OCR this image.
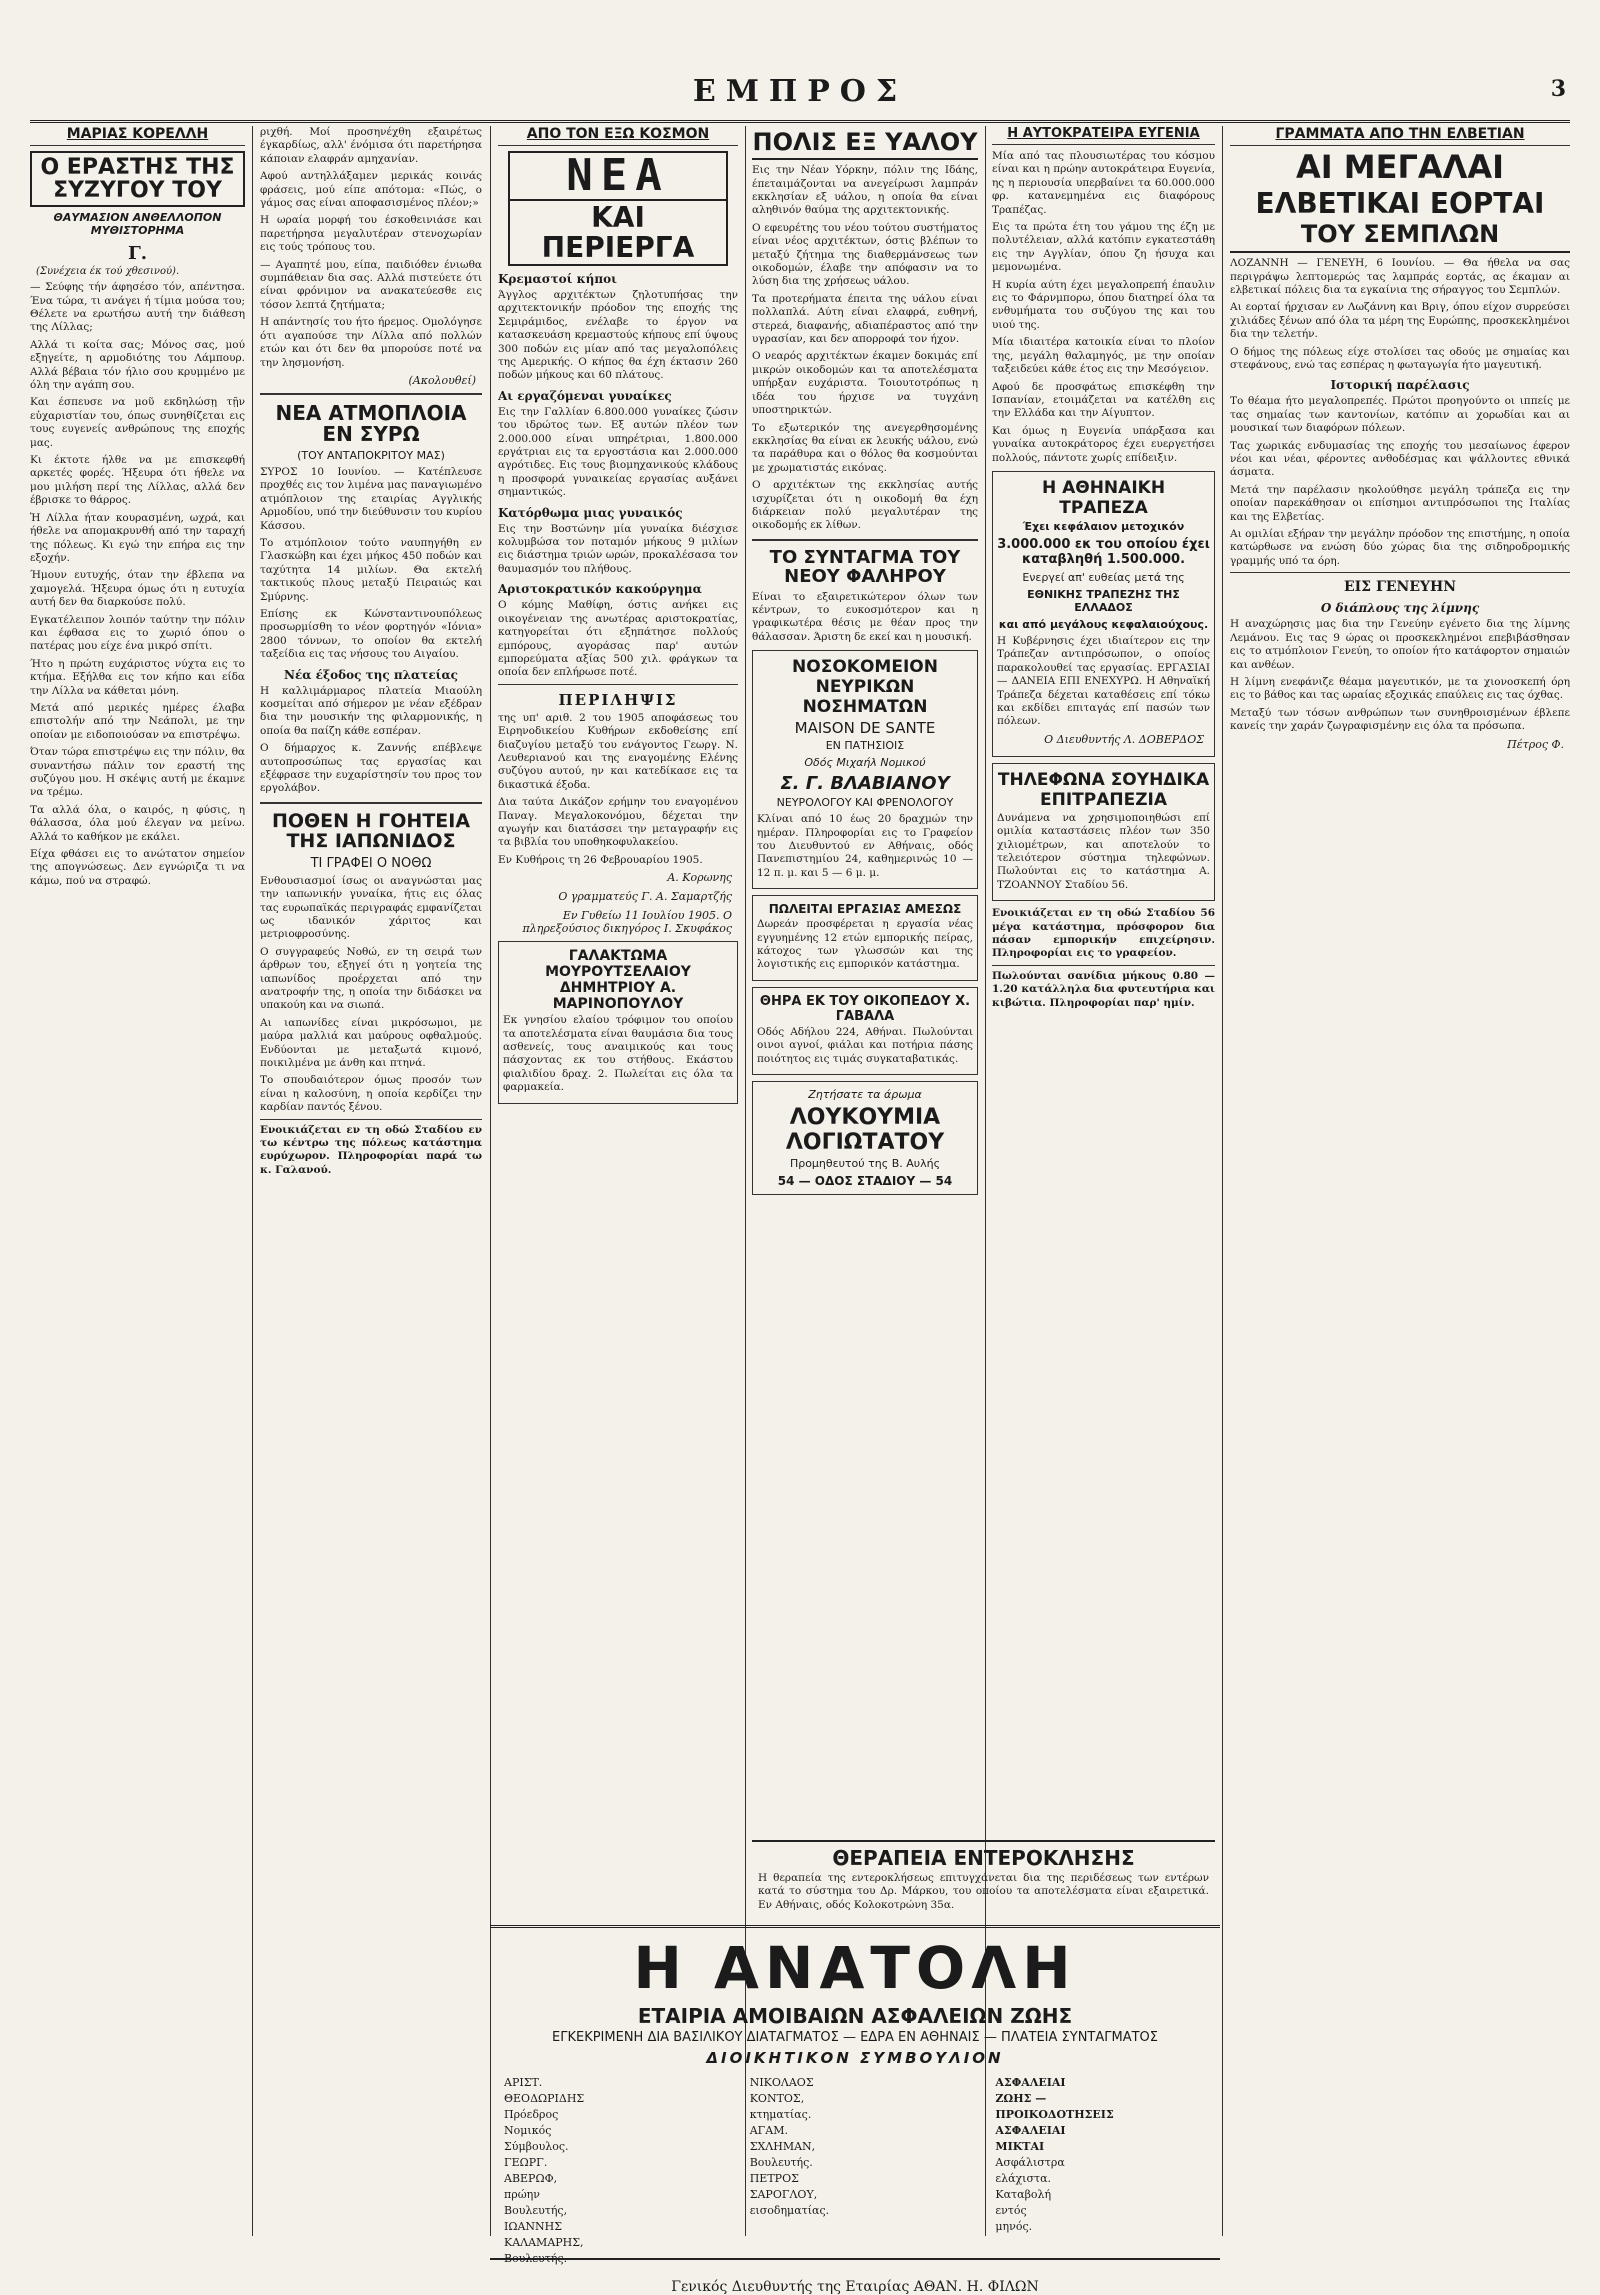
ΕΜΠΡΟΣ	3
ΜΑΡΙΑΣ ΚΟΡΕΛΛΗ
Ο ΕΡΑΣΤΗΣ ΤΗΣ ΣΥΖΥΓΟΥ ΤΟΥ
ΘΑΥΜΑΣΙΟΝ ΑΝΘΕΛΛΟΠΟΝ ΜΥΘΙΣΤΟΡΗΜΑ
Γ.
(Συνέχεια έκ τού χθεσινού).

— Σεύφης τήν άφησέσο τόν, απέντησα. Ένα τώρα, τι ανάγει ή τίμια μούσα του; Θέλετε να ερωτήσω αυτή την διάθεση της Λίλλας;

Αλλά τι κοίτα σας; Μόνος σας, μού εξηγείτε, η αρμοδιότης του Λάμπουρ. Αλλά βέβαια τόν ήλιο σου κρυμμένο με όλη την αγάπη σου.

Και έσπευσε να μοῦ εκδηλώσῃ τῇν εὐχαριστίαν του, όπως συνηθίζεται εις τους ευγενείς ανθρώπους της εποχής μας.

Κι έκτοτε ήλθε να με επισκεφθή αρκετές φορές. Ήξευρα ότι ήθελε να μου μιλήση περί της Λίλλας, αλλά δεν έβρισκε το θάρρος.

Ἡ Λίλλα ήταν κουρασμένη, ωχρά, και ήθελε να απομακρυνθή από την ταραχή της πόλεως. Κι εγώ την επήρα εις την εξοχήν.

Ήμουν ευτυχής, όταν την έβλεπα να χαμογελά. Ήξευρα όμως ότι η ευτυχία αυτή δεν θα διαρκούσε πολύ.

Εγκατέλειπον λοιπόν ταύτην την πόλιν και έφθασα εις το χωριό όπου ο πατέρας μου είχε ένα μικρό σπίτι.

Ήτο η πρώτη ευχάριστος νύχτα εις το κτήμα. Εξήλθα εις τον κήπο και είδα την Λίλλα να κάθεται μόνη.

Μετά από μερικές ημέρες έλαβα επιστολήν από την Νεάπολι, με την οποίαν με ειδοποιούσαν να επιστρέψω.

Όταν τώρα επιστρέψω εις την πόλιν, θα συναντήσω πάλιν τον εραστή της συζύγου μου. Η σκέψις αυτή με έκαμνε να τρέμω.

Τα αλλά όλα, ο καιρός, η φύσις, η θάλασσα, όλα μού έλεγαν να μείνω. Αλλά το καθήκον με εκάλει.

Είχα φθάσει εις το ανώτατον σημείον της απογνώσεως. Δεν εγνώριζα τι να κάμω, πού να στραφώ.

ριχθή. Μοί προσηνέχθη εξαιρέτως έγκαρδίως, αλλ' ένόμισα ότι παρετήρησα κάποιαν ελαφράν αμηχανίαν.

Αφού αντηλλάξαμεν μερικάς κοινάς φράσεις, μού είπε απότομα: «Πώς, ο γάμος σας είναι αποφασισμένος πλέον;»

Η ωραία μορφή του έσκοθεινιάσε και παρετήρησα μεγαλυτέραν στενοχωρίαν εις τούς τρόπους του.

— Αγαπητέ μου, είπα, παιδιόθεν ένιωθα συμπάθειαν δια σας. Αλλά πιστεύετε ότι είναι φρόνιμον να ανακατεύεσθε εις τόσον λεπτά ζητήματα;

Η απάντησίς του ήτο ήρεμος. Ομολόγησε ότι αγαπούσε την Λίλλα από πολλών ετών και ότι δεν θα μπορούσε ποτέ να την λησμονήση.

(Ακολουθεί)
ΝΕΑ ΑΤΜΟΠΛΟΙΑ ΕΝ ΣΥΡΩ
(ΤΟΥ ΑΝΤΑΠΟΚΡΙΤΟΥ ΜΑΣ)

ΣΥΡΟΣ 10 Ιουνίου. — Κατέπλευσε προχθές εις τον λιμένα μας παναγιωμένο ατμόπλοιον της εταιρίας Αγγλικής Αρμοδίου, υπό την διεύθυνσιν του κυρίου Κάσσου.

Το ατμόπλοιον τούτο ναυπηγήθη εν Γλασκώβη και έχει μήκος 450 ποδών και ταχύτητα 14 μιλίων. Θα εκτελή τακτικούς πλους μεταξύ Πειραιώς και Σμύρνης.

Επίσης εκ Κώνσταντινουπόλεως προσωρμίσθη το νέον φορτηγόν «Ιόνια» 2800 τόννων, το οποίον θα εκτελή ταξείδια εις τας νήσους του Αιγαίου.

Νέα έξοδος της πλατείας

Η καλλιμάρμαρος πλατεία Μιαούλη κοσμείται από σήμερον με νέαν εξέδραν δια την μουσικήν της φιλαρμονικής, η οποία θα παίζη κάθε εσπέραν.

Ο δήμαρχος κ. Ζαννής επέβλεψε αυτοπροσώπως τας εργασίας και εξέφρασε την ευχαρίστησίν του προς τον εργολάβον.

ΠΟΘΕΝ Η ΓΟΗΤΕΙΑ ΤΗΣ ΙΑΠΩΝΙΔΟΣ
ΤΙ ΓΡΑΦΕΙ Ο ΝΟΘΩ

Ενθουσιασμοί ίσως οι αναγνώσται μας την ιαπωνικήν γυναίκα, ήτις εις όλας τας ευρωπαϊκάς περιγραφάς εμφανίζεται ως ιδανικόν χάριτος και μετριοφροσύνης.

Ο συγγραφεύς Νοθώ, εν τη σειρά των άρθρων του, εξηγεί ότι η γοητεία της ιαπωνίδος προέρχεται από την ανατροφήν της, η οποία την διδάσκει να υπακούη και να σιωπά.

Αι ιαπωνίδες είναι μικρόσωμοι, με μαύρα μαλλιά και μαύρους οφθαλμούς. Ενδύονται με μεταξωτά κιμονό, ποικιλμένα με άνθη και πτηνά.

Το σπουδαιότερον όμως προσόν των είναι η καλοσύνη, η οποία κερδίζει την καρδίαν παντός ξένου.

Ενοικιάζεται εν τη οδώ Σταδίου εν τω κέντρω της πόλεως κατάστημα ευρύχωρον. Πληροφορίαι παρά τω κ. Γαλανού.

ΑΠΟ ΤΟΝ ΕΞΩ ΚΟΣΜΟΝ
ΝΕΑ
ΚΑΙ ΠΕΡΙΕΡΓΑ
Κρεμαστοί κήποι

Άγγλος αρχιτέκτων ζηλοτυπήσας την αρχιτεκτονικήν πρόοδον της εποχής της Σεμιράμιδος, ενέλαβε το έργον να κατασκευάση κρεμαστούς κήπους επί ύψους 300 ποδών εις μίαν από τας μεγαλοπόλεις της Αμερικής. Ο κήπος θα έχη έκτασιν 260 ποδών μήκους και 60 πλάτους.

Αι εργαζόμεναι γυναίκες

Εις την Γαλλίαν 6.800.000 γυναίκες ζώσιν του ιδρώτος των. Εξ αυτών πλέον των 2.000.000 είναι υπηρέτριαι, 1.800.000 εργάτριαι εις τα εργοστάσια και 2.000.000 αγρότιδες. Εις τους βιομηχανικούς κλάδους η προσφορά γυναικείας εργασίας αυξάνει σημαντικώς.

Κατόρθωμα μιας γυναικός

Εις την Βοστώνην μία γυναίκα διέσχισε κολυμβώσα τον ποταμόν μήκους 9 μιλίων εις διάστημα τριών ωρών, προκαλέσασα τον θαυμασμόν του πλήθους.

Αριστοκρατικόν κακούργημα

Ο κόμης Μαθίφη, όστις ανήκει εις οικογένειαν της ανωτέρας αριστοκρατίας, κατηγορείται ότι εξηπάτησε πολλούς εμπόρους, αγοράσας παρ' αυτών εμπορεύματα αξίας 500 χιλ. φράγκων τα οποία δεν επλήρωσε ποτέ.

ΠΕΡΙΛΗΨΙΣ

της υπ' αριθ. 2 του 1905 αποφάσεως του Ειρηνοδικείου Κυθήρων εκδοθείσης επί διαζυγίου μεταξύ του ενάγοντος Γεωργ. Ν. Λευθεριανού και της εναγομένης Ελένης συζύγου αυτού, ην και κατεδίκασε εις τα δικαστικά έξοδα.

Δια ταύτα Δικάζον ερήμην του εναγομένου Παναγ. Μεγαλοκονόμου, δέχεται την αγωγήν και διατάσσει την μεταγραφήν εις τα βιβλία του υποθηκοφυλακείου.

Εν Κυθήροις τη 26 Φεβρουαρίου 1905.

Α. Κορωνης
Ο γραμματεύς Γ. Α. Σαμαρτζής
Εν Γυθείω 11 Ιουλίου 1905. Ο πληρεξούσιος δικηγόρος Ι. Σκυφάκος
ΓΑΛΑΚΤΩΜΑ ΜΟΥΡΟΥΤΣΕΛΑΙΟΥ ΔΗΜΗΤΡΙΟΥ Α. ΜΑΡΙΝΟΠΟΥΛΟΥ

Εκ γνησίου ελαίου τρόφιμον του οποίου τα αποτελέσματα είναι θαυμάσια δια τους ασθενείς, τους αναιμικούς και τους πάσχοντας εκ του στήθους. Εκάστου φιαλιδίου δραχ. 2. Πωλείται εις όλα τα φαρμακεία.

ΠΟΛΙΣ ΕΞ ΥΑΛΟΥ

Εις την Νέαν Υόρκην, πόλιν της Ιδάης, έπεταιμάζονται να ανεγείρωσι λαμπράν εκκλησίαν εξ υάλου, η οποία θα είναι αληθινόν θαύμα της αρχιτεκτονικής.

Ο εφευρέτης του νέου τούτου συστήματος είναι νέος αρχιτέκτων, όστις βλέπων το μεταξύ ζήτημα της διαθερμάνσεως των οικοδομών, έλαβε την απόφασιν να το λύση δια της χρήσεως υάλου.

Τα προτερήματα έπειτα της υάλου είναι πολλαπλά. Αύτη είναι ελαφρά, ευθηνή, στερεά, διαφανής, αδιαπέραστος από την υγρασίαν, και δεν απορροφά τον ήχον.

Ο νεαρός αρχιτέκτων έκαμεν δοκιμάς επί μικρών οικοδομών και τα αποτελέσματα υπήρξαν ευχάριστα. Τοιουτοτρόπως η ιδέα του ήρχισε να τυγχάνη υποστηρικτών.

Το εξωτερικόν της ανεγερθησομένης εκκλησίας θα είναι εκ λευκής υάλου, ενώ τα παράθυρα και ο θόλος θα κοσμούνται με χρωματιστάς εικόνας.

Ο αρχιτέκτων της εκκλησίας αυτής ισχυρίζεται ότι η οικοδομή θα έχη διάρκειαν πολύ μεγαλυτέραν της οικοδομής εκ λίθων.

ΤΟ ΣΥΝΤΑΓΜΑ ΤΟΥ ΝΕΟΥ ΦΑΛΗΡΟΥ

Είναι το εξαιρετικώτερον όλων των κέντρων, το ευκοσμότερον και η γραφικωτέρα θέσις με θέαν προς την θάλασσαν. Άριστη δε εκεί και η μουσική.

ΝΟΣΟΚΟΜΕΙΟΝ ΝΕΥΡΙΚΩΝ ΝΟΣΗΜΑΤΩΝ
MAISON DE SANTE
ΕΝ ΠΑΤΗΣΙΟΙΣ
Οδός Μιχαήλ Νομικού
Σ. Γ. ΒΛΑΒΙΑΝΟΥ
ΝΕΥΡΟΛΟΓΟΥ ΚΑΙ ΦΡΕΝΟΛΟΓΟΥ

Κλίναι από 10 έως 20 δραχμών την ημέραν. Πληροφορίαι εις το Γραφείον του Διευθυντού εν Αθήναις, οδός Πανεπιστημίου 24, καθημερινώς 10 — 12 π. μ. και 5 — 6 μ. μ.

ΠΩΛΕΙΤΑΙ ΕΡΓΑΣΙΑΣ ΑΜΕΣΩΣ

Δωρεάν προσφέρεται η εργασία νέας εγγυημένης 12 ετών εμπορικής πείρας, κάτοχος των γλωσσών και της λογιστικής εις εμπορικόν κατάστημα.

ΘΗΡΑ ΕΚ ΤΟΥ ΟΙΚΟΠΕΔΟΥ Χ. ΓΑΒΑΛΑ

Οδός Αδήλου 224, Αθήναι. Πωλούνται οινοι αγνοί, φιάλαι και ποτήρια πάσης ποιότητος εις τιμάς συγκαταβατικάς.

Ζητήσατε τα άρωμα
ΛΟΥΚΟΥΜΙΑ ΛΟΓΙΩΤΑΤΟΥ
Προμηθευτού της Β. Αυλής
54 — ΟΔΟΣ ΣΤΑΔΙΟΥ — 54
Η ΑΥΤΟΚΡΑΤΕΙΡΑ ΕΥΓΕΝΙΑ

Μία από τας πλουσιωτέρας του κόσμου είναι και η πρώην αυτοκράτειρα Ευγενία, ης η περιουσία υπερβαίνει τα 60.000.000 φρ. κατανεμημένα εις διαφόρους Τραπέζας.

Εις τα πρώτα έτη του γάμου της έζη με πολυτέλειαν, αλλά κατόπιν εγκατεστάθη εις την Αγγλίαν, όπου ζη ήσυχα και μεμονωμένα.

Η κυρία αύτη έχει μεγαλοπρεπή έπαυλιν εις το Φάρνμπορω, όπου διατηρεί όλα τα ενθυμήματα του συζύγου της και του υιού της.

Μία ιδιαιτέρα κατοικία είναι το πλοίον της, μεγάλη θαλαμηγός, με την οποίαν ταξειδεύει κάθε έτος εις την Μεσόγειον.

Αφού δε προσφάτως επισκέφθη την Ισπανίαν, ετοιμάζεται να κατέλθη εις την Ελλάδα και την Αίγυπτον.

Και όμως η Ευγενία υπάρξασα και γυναίκα αυτοκράτορος έχει ευεργετήσει πολλούς, πάντοτε χωρίς επίδειξιν.

Η ΑΘΗΝΑΙΚΗ ΤΡΑΠΕΖΑ
Έχει κεφάλαιον μετοχικόν
3.000.000 εκ του οποίου έχει καταβληθή 1.500.000.
Ενεργεί απ' ευθείας μετά της
ΕΘΝΙΚΗΣ ΤΡΑΠΕΖΗΣ ΤΗΣ ΕΛΛΑΔΟΣ
και από μεγάλους κεφαλαιούχους.

Η Κυβέρνησις έχει ιδιαίτερον εις την Τράπεζαν αντιπρόσωπον, ο οποίος παρακολουθεί τας εργασίας. ΕΡΓΑΣΙΑΙ — ΔΑΝΕΙΑ ΕΠΙ ΕΝΕΧΥΡΩ. Η Αθηναϊκή Τράπεζα δέχεται καταθέσεις επί τόκω και εκδίδει επιταγάς επί πασών των πόλεων.

Ο Διευθυντής Λ. ΔΟΒΕΡΔΟΣ
ΤΗΛΕΦΩΝΑ ΣΟΥΗΔΙΚΑ ΕΠΙΤΡΑΠΕΖΙΑ

Δυνάμενα να χρησιμοποιηθώσι επί ομιλία καταστάσεις πλέον των 350 χιλιομέτρων, και αποτελούν το τελειότερον σύστημα τηλεφώνων. Πωλούνται εις το κατάστημα Α. ΤΖΟΑΝΝΟΥ Σταδίου 56.

Ενοικιάζεται εν τη οδώ Σταδίου 56 μέγα κατάστημα, πρόσφορον δια πάσαν εμπορικήν επιχείρησιν. Πληροφορίαι εις το γραφείον.

Πωλούνται σανίδια μήκους 0.80 — 1.20 κατάλληλα δια φυτευτήρια και κιβώτια. Πληροφορίαι παρ' ημίν.

ΓΡΑΜΜΑΤΑ ΑΠΟ ΤΗΝ ΕΛΒΕΤΙΑΝ
ΑΙ ΜΕΓΑΛΑΙ
ΕΛΒΕΤΙΚΑΙ ΕΟΡΤΑΙ
ΤΟΥ ΣΕΜΠΛΩΝ

ΛΟΖΑΝΝΗ — ΓΕΝΕΥΗ, 6 Ιουνίου. — Θα ήθελα να σας περιγράψω λεπτομερώς τας λαμπράς εορτάς, ας έκαμαν αι ελβετικαί πόλεις δια τα εγκαίνια της σήραγγος του Σεμπλών.

Αι εορταί ήρχισαν εν Λωζάννη και Βριγ, όπου είχον συρρεύσει χιλιάδες ξένων από όλα τα μέρη της Ευρώπης, προσκεκλημένοι δια την τελετήν.

Ο δήμος της πόλεως είχε στολίσει τας οδούς με σημαίας και στεφάνους, ενώ τας εσπέρας η φωταγωγία ήτο μαγευτική.

Ιστορική παρέλασις

Το θέαμα ήτο μεγαλοπρεπές. Πρώτοι προηγούντο οι ιππείς με τας σημαίας των καντονίων, κατόπιν αι χορωδίαι και αι μουσικαί των διαφόρων πόλεων.

Τας χωρικάς ενδυμασίας της εποχής του μεσαίωνος έφερον νέοι και νέαι, φέροντες ανθοδέσμας και ψάλλοντες εθνικά άσματα.

Μετά την παρέλασιν ηκολούθησε μεγάλη τράπεζα εις την οποίαν παρεκάθησαν οι επίσημοι αντιπρόσωποι της Ιταλίας και της Ελβετίας.

Αι ομιλίαι εξήραν την μεγάλην πρόοδον της επιστήμης, η οποία κατώρθωσε να ενώση δύο χώρας δια της σιδηροδρομικής γραμμής υπό τα όρη.

ΕΙΣ ΓΕΝΕΥΗΝ
Ο διάπλους της λίμνης

Η αναχώρησις μας δια την Γενεύην εγένετο δια της λίμνης Λεμάνου. Εις τας 9 ώρας οι προσκεκλημένοι επεβιβάσθησαν εις το ατμόπλοιον Γενεύη, το οποίον ήτο κατάφορτον σημαιών και ανθέων.

Η λίμνη ενεφάνιζε θέαμα μαγευτικόν, με τα χιονοσκεπή όρη εις το βάθος και τας ωραίας εξοχικάς επαύλεις εις τας όχθας.

Μεταξύ των τόσων ανθρώπων των συνηθροισμένων έβλεπε κανείς την χαράν ζωγραφισμένην εις όλα τα πρόσωπα.

Πέτρος Φ.
ΘΕΡΑΠΕΙΑ ΕΝΤΕΡΟΚΛΗΣΗΣ

Η θεραπεία της εντεροκλήσεως επιτυγχάνεται δια της περιδέσεως των εντέρων κατά το σύστημα του Δρ. Μάρκου, του οποίου τα αποτελέσματα είναι εξαιρετικά. Εν Αθήναις, οδός Κολοκοτρώνη 35α.

Η ΑΝΑΤΟΛΗ
ΕΤΑΙΡΙΑ ΑΜΟΙΒΑΙΩΝ ΑΣΦΑΛΕΙΩΝ ΖΩΗΣ
ΕΓΚΕΚΡΙΜΕΝΗ ΔΙΑ ΒΑΣΙΛΙΚΟΥ ΔΙΑΤΑΓΜΑΤΟΣ — ΕΔΡΑ ΕΝ ΑΘΗΝΑΙΣ — ΠΛΑΤΕΙΑ ΣΥΝΤΑΓΜΑΤΟΣ
ΔΙΟΙΚΗΤΙΚΟΝ ΣΥΜΒΟΥΛΙΟΝ
ΑΡΙΣΤ. ΘΕΟΔΩΡΙΔΗΣ Πρόεδρος
Νομικός Σύμβουλος.
ΓΕΩΡΓ. ΑΒΕΡΩΦ, πρώην Βουλευτής,
ΙΩΑΝΝΗΣ ΚΑΛΑΜΑΡΗΣ, Βουλευτής.
ΝΙΚΟΛΑΟΣ ΚΟΝΤΟΣ, κτηματίας.
ΑΓΑΜ. ΣΧΛΗΜΑΝ, Βουλευτής.
ΠΕΤΡΟΣ ΣΑΡΟΓΛΟΥ, εισοδηματίας.
ΑΣΦΑΛΕΙΑΙ ΖΩΗΣ — ΠΡΟΙΚΟΔΟΤΗΣΕΙΣ
ΑΣΦΑΛΕΙΑΙ ΜΙΚΤΑΙ
Ασφάλιστρα ελάχιστα.
Καταβολή εντός μηνός.
Γενικός Διευθυντής της Εταιρίας ΑΘΑΝ. Η. ΦΙΛΩΝ
